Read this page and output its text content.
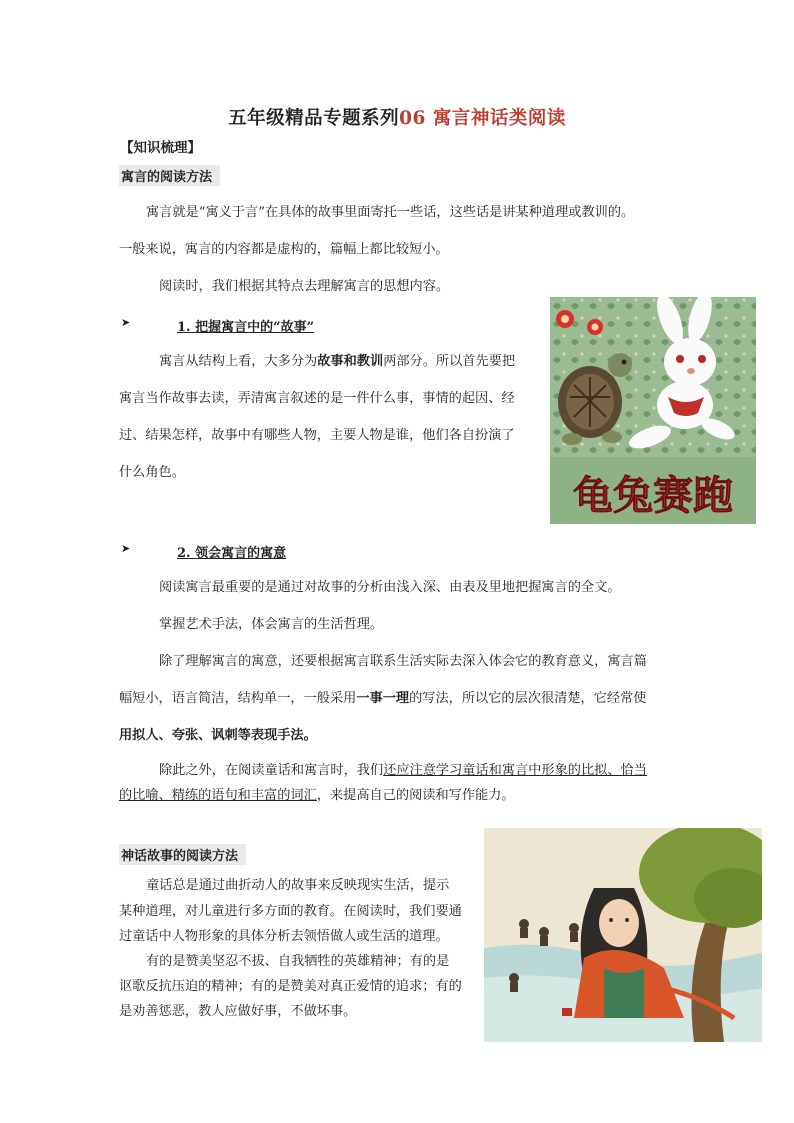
五年级精品专题系列06 寓言神话类阅读
【知识梳理】
寓言的阅读方法
寓言就是“寓义于言”在具体的故事里面寄托一些话，这些话是讲某种道理或教训的。
一般来说，寓言的内容都是虚构的，篇幅上都比较短小。
阅读时，我们根据其特点去理解寓言的思想内容。
➤	1. 把握寓言中的“故事”
寓言从结构上看，大多分为故事和教训两部分。所以首先要把
寓言当作故事去读，弄清寓言叙述的是一件什么事，事情的起因、经
过、结果怎样，故事中有哪些人物，主要人物是谁，他们各自扮演了
什么角色。
龟兔赛跑
➤	2. 领会寓言的寓意
阅读寓言最重要的是通过对故事的分析由浅入深、由表及里地把握寓言的全文。
掌握艺术手法，体会寓言的生活哲理。
除了理解寓言的寓意，还要根据寓言联系生活实际去深入体会它的教育意义，寓言篇
幅短小，语言简洁，结构单一，一般采用一事一理的写法，所以它的层次很清楚，它经常使
用拟人、夸张、讽刺等表现手法。
除此之外，在阅读童话和寓言时，我们还应注意学习童话和寓言中形象的比拟、恰当
的比喻、精练的语句和丰富的词汇，来提高自己的阅读和写作能力。
神话故事的阅读方法
童话总是通过曲折动人的故事来反映现实生活，提示
某种道理，对儿童进行多方面的教育。在阅读时，我们要通
过童话中人物形象的具体分析去领悟做人或生活的道理。
有的是赞美坚忍不拔、自我牺牲的英雄精神；有的是
讴歌反抗压迫的精神；有的是赞美对真正爱情的追求；有的
是劝善惩恶，教人应做好事，不做坏事。
